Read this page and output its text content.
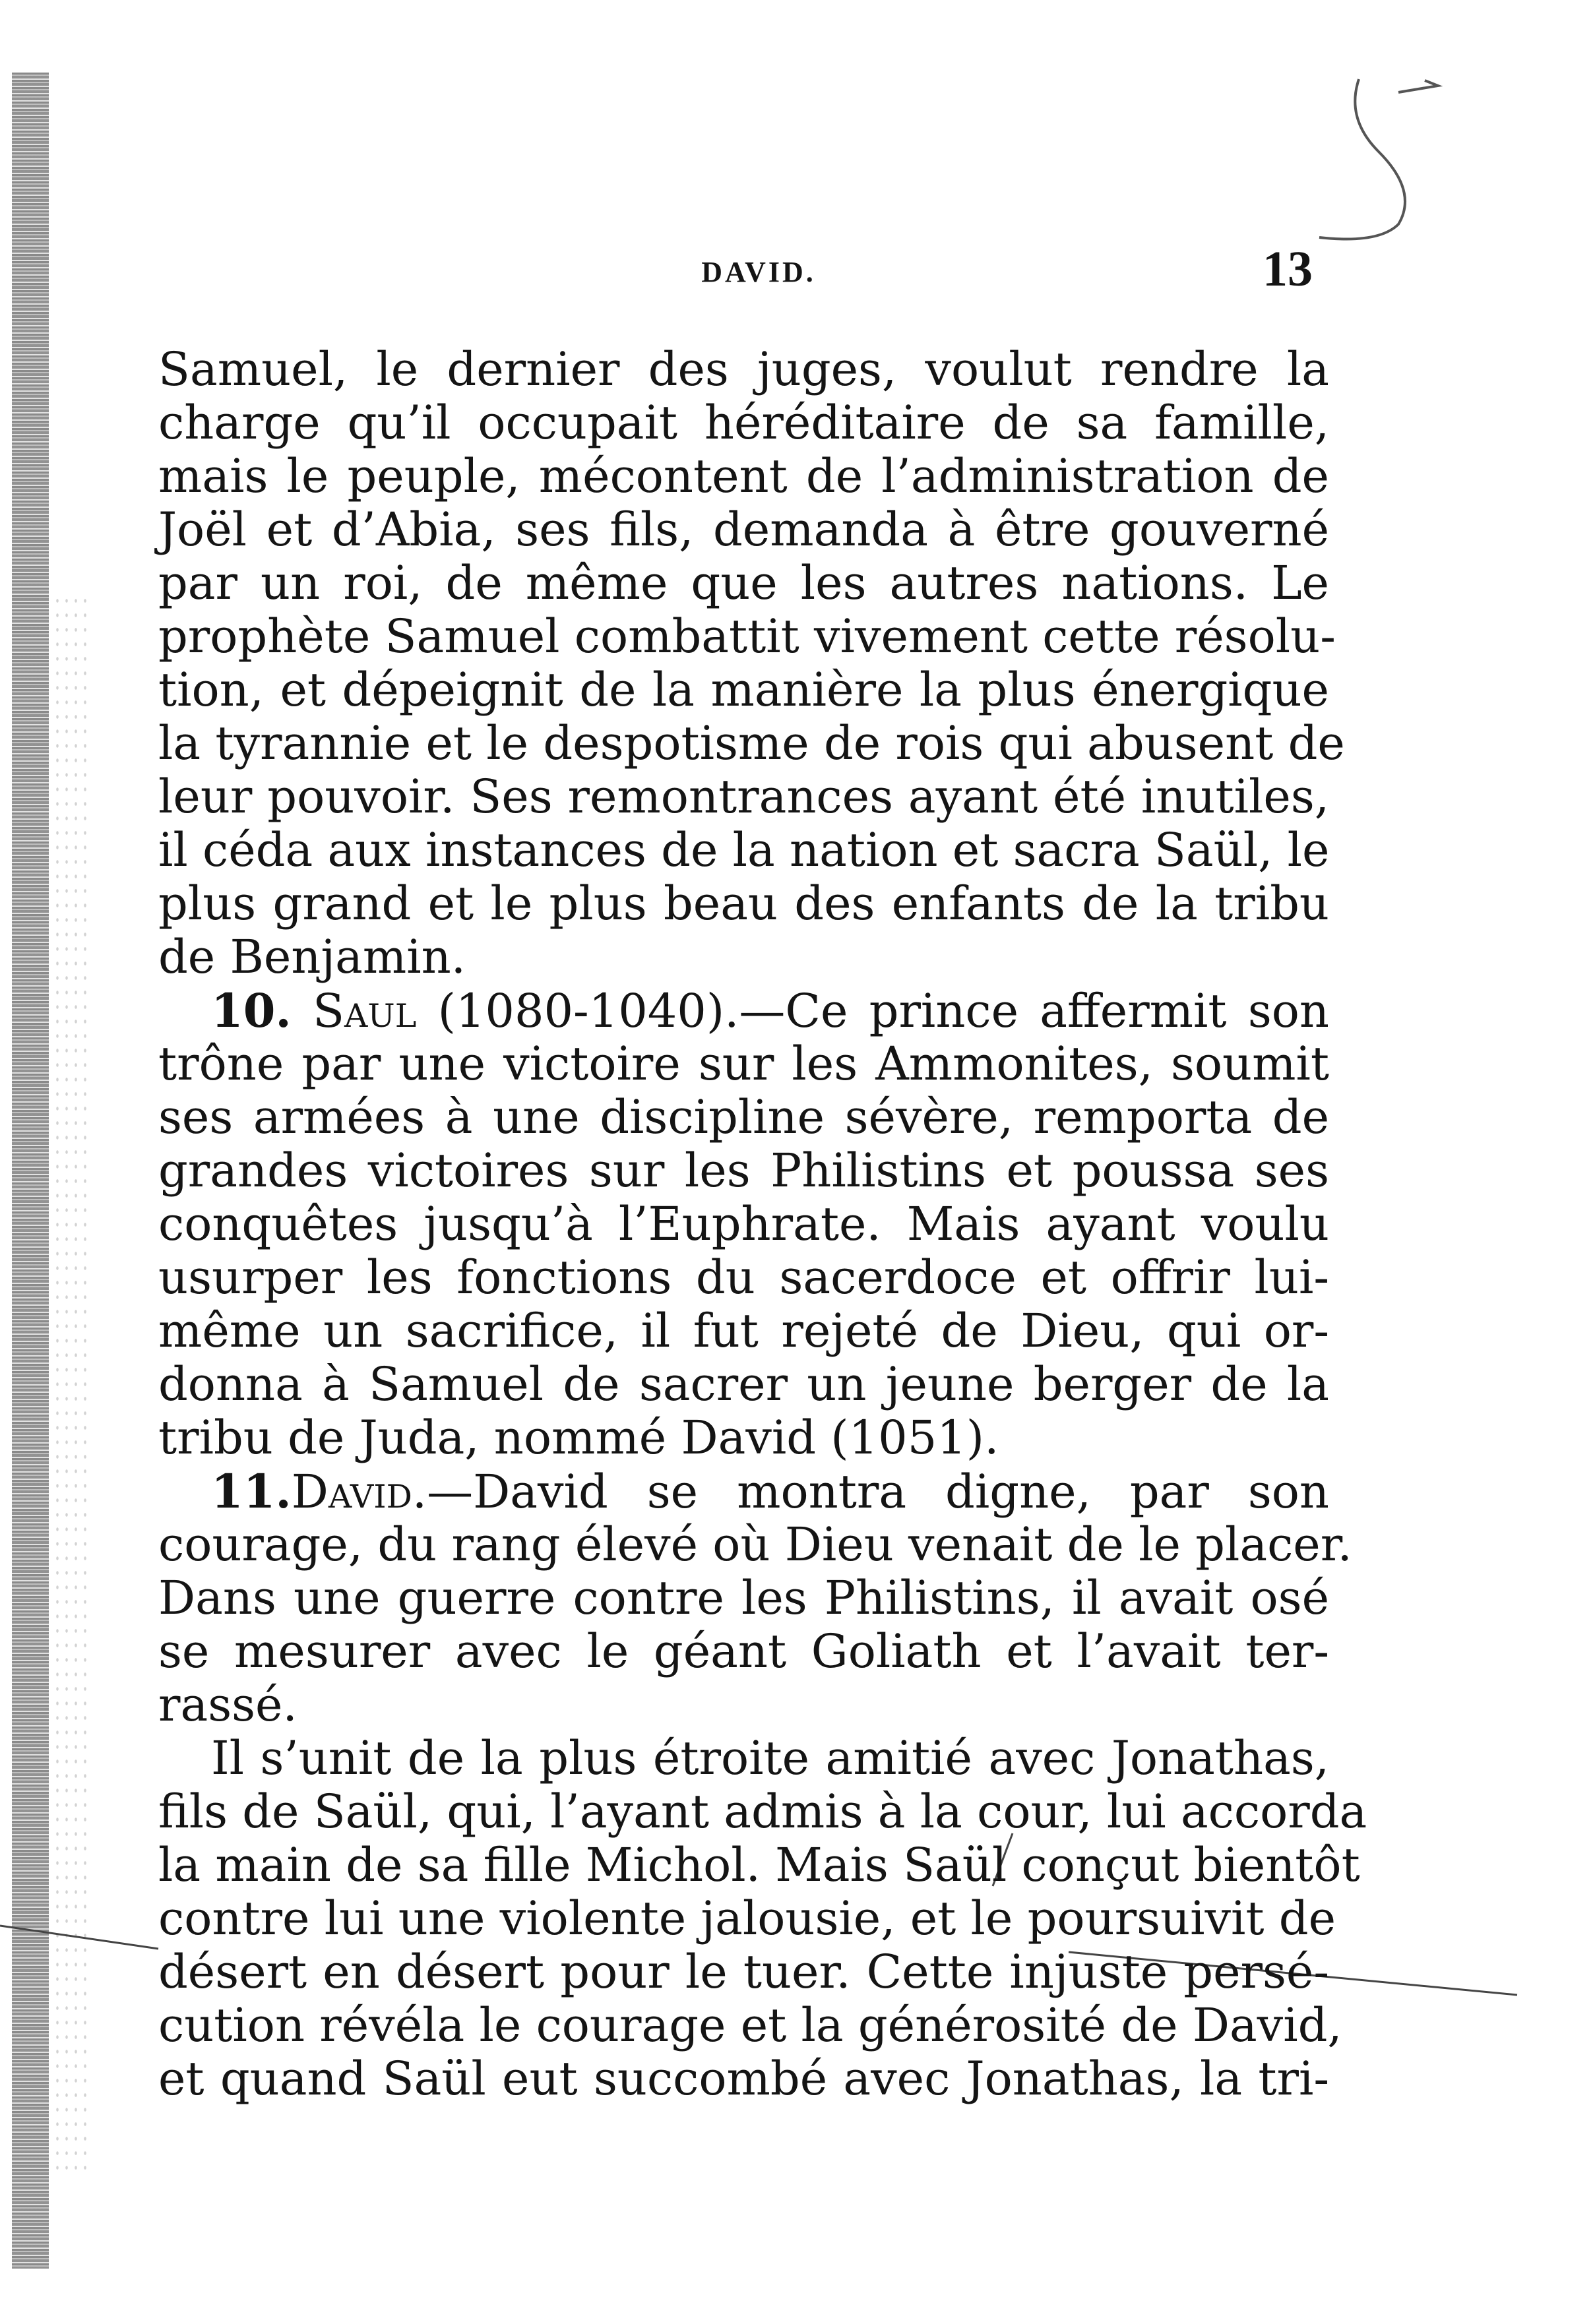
DAVID.	13
Samuel, le dernier des juges, voulut rendre la
charge qu’il occupait héréditaire de sa famille,
mais le peuple, mécontent de l’administration de
Joël et d’Abia, ses fils, demanda à être gouverné
par un roi, de même que les autres nations. Le
prophète Samuel combattit vivement cette résolu-
tion, et dépeignit de la manière la plus énergique
la tyrannie et le despotisme de rois qui abusent de
leur pouvoir. Ses remontrances ayant été inutiles,
il céda aux instances de la nation et sacra Saül, le
plus grand et le plus beau des enfants de la tribu
de Benjamin.
10. Saul (1080-1040).—Ce prince affermit son
trône par une victoire sur les Ammonites, soumit
ses armées à une discipline sévère, remporta de
grandes victoires sur les Philistins et poussa ses
conquêtes jusqu’à l’Euphrate. Mais ayant voulu
usurper les fonctions du sacerdoce et offrir lui-
même un sacrifice, il fut rejeté de Dieu, qui or-
donna à Samuel de sacrer un jeune berger de la
tribu de Juda, nommé David (1051).
11.David.—David se montra digne, par son
courage, du rang élevé où Dieu venait de le placer.
Dans une guerre contre les Philistins, il avait osé
se mesurer avec le géant Goliath et l’avait ter-
rassé.
Il s’unit de la plus étroite amitié avec Jonathas,
fils de Saül, qui, l’ayant admis à la cour, lui accorda
la main de sa fille Michol. Mais Saül conçut bientôt
contre lui une violente jalousie, et le poursuivit de
désert en désert pour le tuer. Cette injuste persé-
cution révéla le courage et la générosité de David,
et quand Saül eut succombé avec Jonathas, la tri-
